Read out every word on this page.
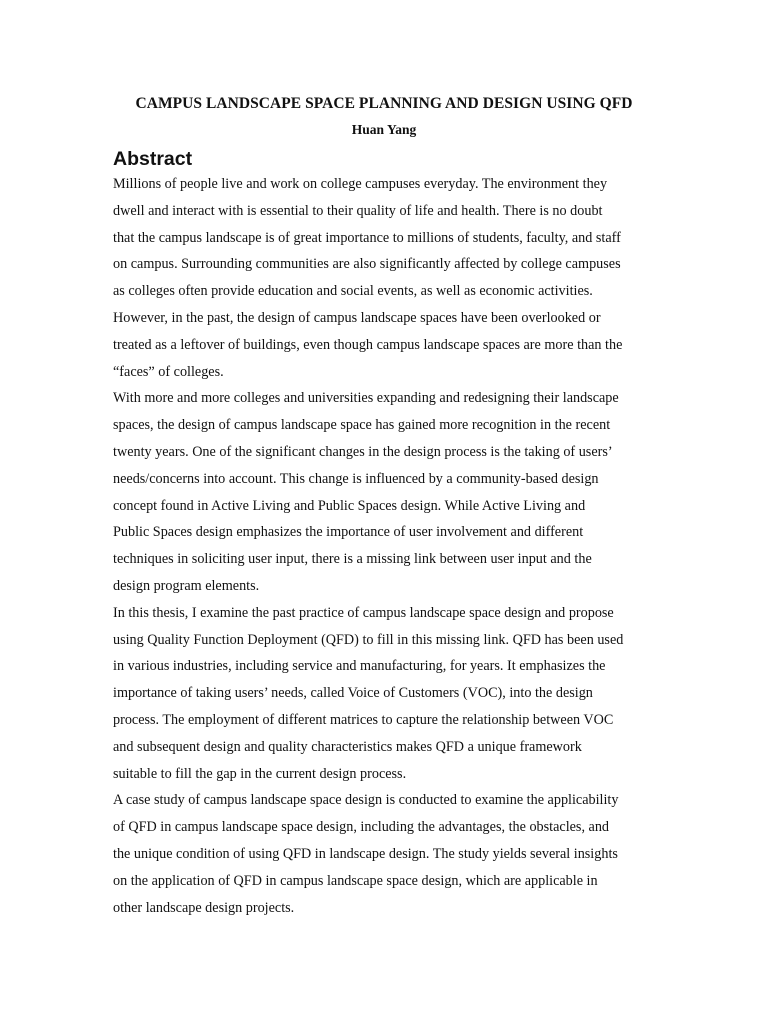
CAMPUS LANDSCAPE SPACE PLANNING AND DESIGN USING QFD
Huan Yang
Abstract
Millions of people live and work on college campuses everyday. The environment they
dwell and interact with is essential to their quality of life and health. There is no doubt
that the campus landscape is of great importance to millions of students, faculty, and staff
on campus. Surrounding communities are also significantly affected by college campuses
as colleges often provide education and social events, as well as economic activities.
However, in the past, the design of campus landscape spaces have been overlooked or
treated as a leftover of buildings, even though campus landscape spaces are more than the
“faces” of colleges.
With more and more colleges and universities expanding and redesigning their landscape
spaces, the design of campus landscape space has gained more recognition in the recent
twenty years. One of the significant changes in the design process is the taking of users’
needs/concerns into account. This change is influenced by a community-based design
concept found in Active Living and Public Spaces design. While Active Living and
Public Spaces design emphasizes the importance of user involvement and different
techniques in soliciting user input, there is a missing link between user input and the
design program elements.
In this thesis, I examine the past practice of campus landscape space design and propose
using Quality Function Deployment (QFD) to fill in this missing link. QFD has been used
in various industries, including service and manufacturing, for years. It emphasizes the
importance of taking users’ needs, called Voice of Customers (VOC), into the design
process. The employment of different matrices to capture the relationship between VOC
and subsequent design and quality characteristics makes QFD a unique framework
suitable to fill the gap in the current design process.
A case study of campus landscape space design is conducted to examine the applicability
of QFD in campus landscape space design, including the advantages, the obstacles, and
the unique condition of using QFD in landscape design. The study yields several insights
on the application of QFD in campus landscape space design, which are applicable in
other landscape design projects.
